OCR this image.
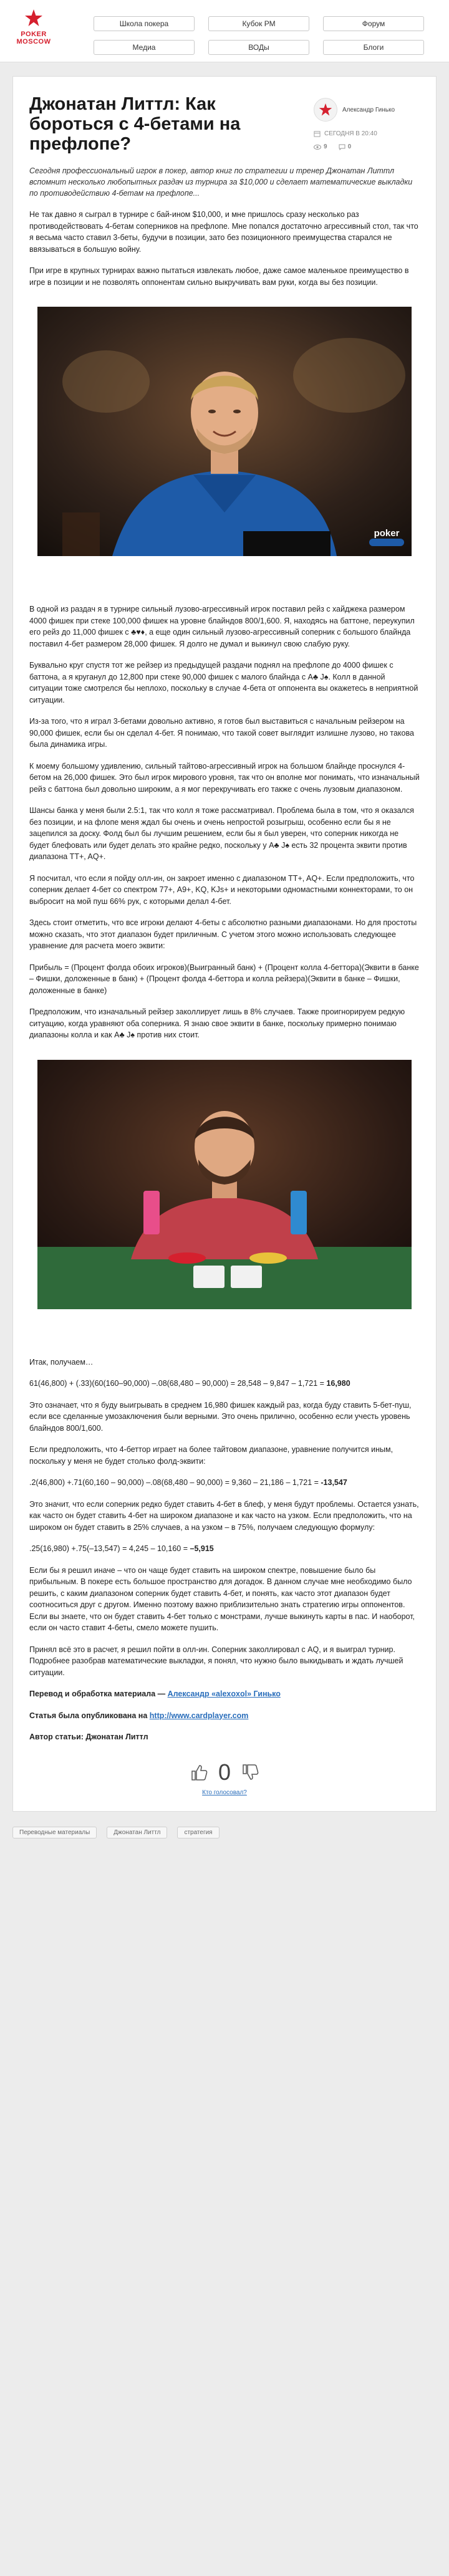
POKER
MOSCOW
Школа покера	Кубок РМ	Форум
Медиа	ВОДы	Блоги
Джонатан Литтл: Как бороться с 4-бетами на префлопе?
Александр Гинько
СЕГОДНЯ В 20:40
9	0

Сегодня профессиональный игрок в покер, автор книг по стратегии и тренер Джонатан Литтл вспомнит несколько любопытных раздач из турнира за $10,000 и сделает математические выкладки по противодействию 4-бетам на префлопе...

Не так давно я сыграл в турнире с бай-ином $10,000, и мне пришлось сразу несколько раз противодействовать 4-бетам соперников на префлопе. Мне попался достаточно агрессивный стол, так что я весьма часто ставил 3-беты, будучи в позиции, зато без позиционного преимущества старался не ввязываться в большую войну.

При игре в крупных турнирах важно пытаться извлекать любое, даже самое маленькое преимущество в игре в позиции и не позволять оппонентам сильно выкручивать вам руки, когда вы без позиции.

poker

В одной из раздач я в турнире сильный лузово-агрессивный игрок поставил рейз с хайджека размером 4000 фишек при стеке 100,000 фишек на уровне блайндов 800/1,600. Я, находясь на баттоне, переукупил его рейз до 11,000 фишек с ♣♥♦, а еще один сильный лузово-агрессивный соперник с большого блайнда поставил 4-бет размером 28,000 фишек. Я долго не думал и выкинул свою слабую руку.

Буквально круг спустя тот же рейзер из предыдущей раздачи поднял на префлопе до 4000 фишек с баттона, а я круганул до 12,800 при стеке 90,000 фишек с малого блайнда с A♣ J♠. Колл в данной ситуации тоже смотрелся бы неплохо, поскольку в случае 4-бета от оппонента вы окажетесь в неприятной ситуации.

Из-за того, что я играл 3-бетами довольно активно, я готов был выставиться с начальным рейзером на 90,000 фишек, если бы он сделал 4-бет. Я понимаю, что такой совет выглядит излишне лузово, но такова была динамика игры.

К моему большому удивлению, сильный тайтово-агрессивный игрок на большом блайнде проснулся 4-бетом на 26,000 фишек. Это был игрок мирового уровня, так что он вполне мог понимать, что изначальный рейз с баттона был довольно широким, а я мог перекручивать его также с очень лузовым диапазоном.

Шансы банка у меня были 2.5:1, так что колл я тоже рассматривал. Проблема была в том, что я оказался без позиции, и на флопе меня ждал бы очень и очень непростой розыгрыш, особенно если бы я не зацепился за доску. Фолд был бы лучшим решением, если бы я был уверен, что соперник никогда не будет блефовать или будет делать это крайне редко, поскольку у A♣ J♠ есть 32 процента эквити против диапазона TT+, AQ+.

Я посчитал, что если я пойду олл-ин, он закроет именно с диапазоном TT+, AQ+. Если предположить, что соперник делает 4-бет со спектром 77+, A9+, KQ, KJs+ и некоторыми одномастными коннекторами, то он выбросит на мой пуш 66% рук, с которыми делал 4-бет.

Здесь стоит отметить, что все игроки делают 4-беты с абсолютно разными диапазонами. Но для простоты можно сказать, что этот диапазон будет приличным. С учетом этого можно использовать следующее уравнение для расчета моего эквити:

Прибыль = (Процент фолда обоих игроков)(Выигранный банк) + (Процент колла 4-беттора)(Эквити в банке – Фишки, доложенные в банк) + (Процент фолда 4-беттора и колла рейзера)(Эквити в банке – Фишки, доложенные в банке)

Предположим, что изначальный рейзер заколлирует лишь в 8% случаев. Также проигнорируем редкую ситуацию, когда уравняют оба соперника. Я знаю свое эквити в банке, поскольку примерно понимаю диапазоны колла и как A♣ J♠ против них стоит.

Итак, получаем…

61(46,800) + (.33)(60(160–90,000) –.08(68,480 – 90,000) = 28,548 – 9,847 – 1,721 = 16,980

Это означает, что я буду выигрывать в среднем 16,980 фишек каждый раз, когда буду ставить 5-бет-пуш, если все сделанные умозаключения были верными. Это очень прилично, особенно если учесть уровень блайндов 800/1,600.

Если предположить, что 4-беттор играет на более тайтовом диапазоне, уравнение получится иным, поскольку у меня не будет столько фолд-эквити:

.2(46,800) +.71(60,160 – 90,000) –.08(68,480 – 90,000) = 9,360 – 21,186 – 1,721 = -13,547

Это значит, что если соперник редко будет ставить 4-бет в блеф, у меня будут проблемы. Остается узнать, как часто он будет ставить 4-бет на широком диапазоне и как часто на узком. Если предположить, что на широком он будет ставить в 25% случаев, а на узком – в 75%, получаем следующую формулу:

.25(16,980) +.75(–13,547) = 4,245 – 10,160 = –5,915

Если бы я решил иначе – что он чаще будет ставить на широком спектре, повышение было бы прибыльным. В покере есть большое пространство для догадок. В данном случае мне необходимо было решить, с каким диапазоном соперник будет ставить 4-бет, и понять, как часто этот диапазон будет соотноситься друг с другом. Именно поэтому важно приблизительно знать стратегию игры оппонентов. Если вы знаете, что он будет ставить 4-бет только с монстрами, лучше выкинуть карты в пас. И наоборот, если он часто ставит 4-беты, смело можете пушить.

Принял всё это в расчет, я решил пойти в олл-ин. Соперник заколлировал с AQ, и я выиграл турнир. Подробнее разобрав математические выкладки, я понял, что нужно было выкидывать и ждать лучшей ситуации.

Перевод и обработка материала — Александр «alexoxol» Гинько

Статья была опубликована на http://www.cardplayer.com

Автор статьи: Джонатан Литтл

0
Кто голосовал?
Переводные материалы	Джонатан Литтл	стратегия
